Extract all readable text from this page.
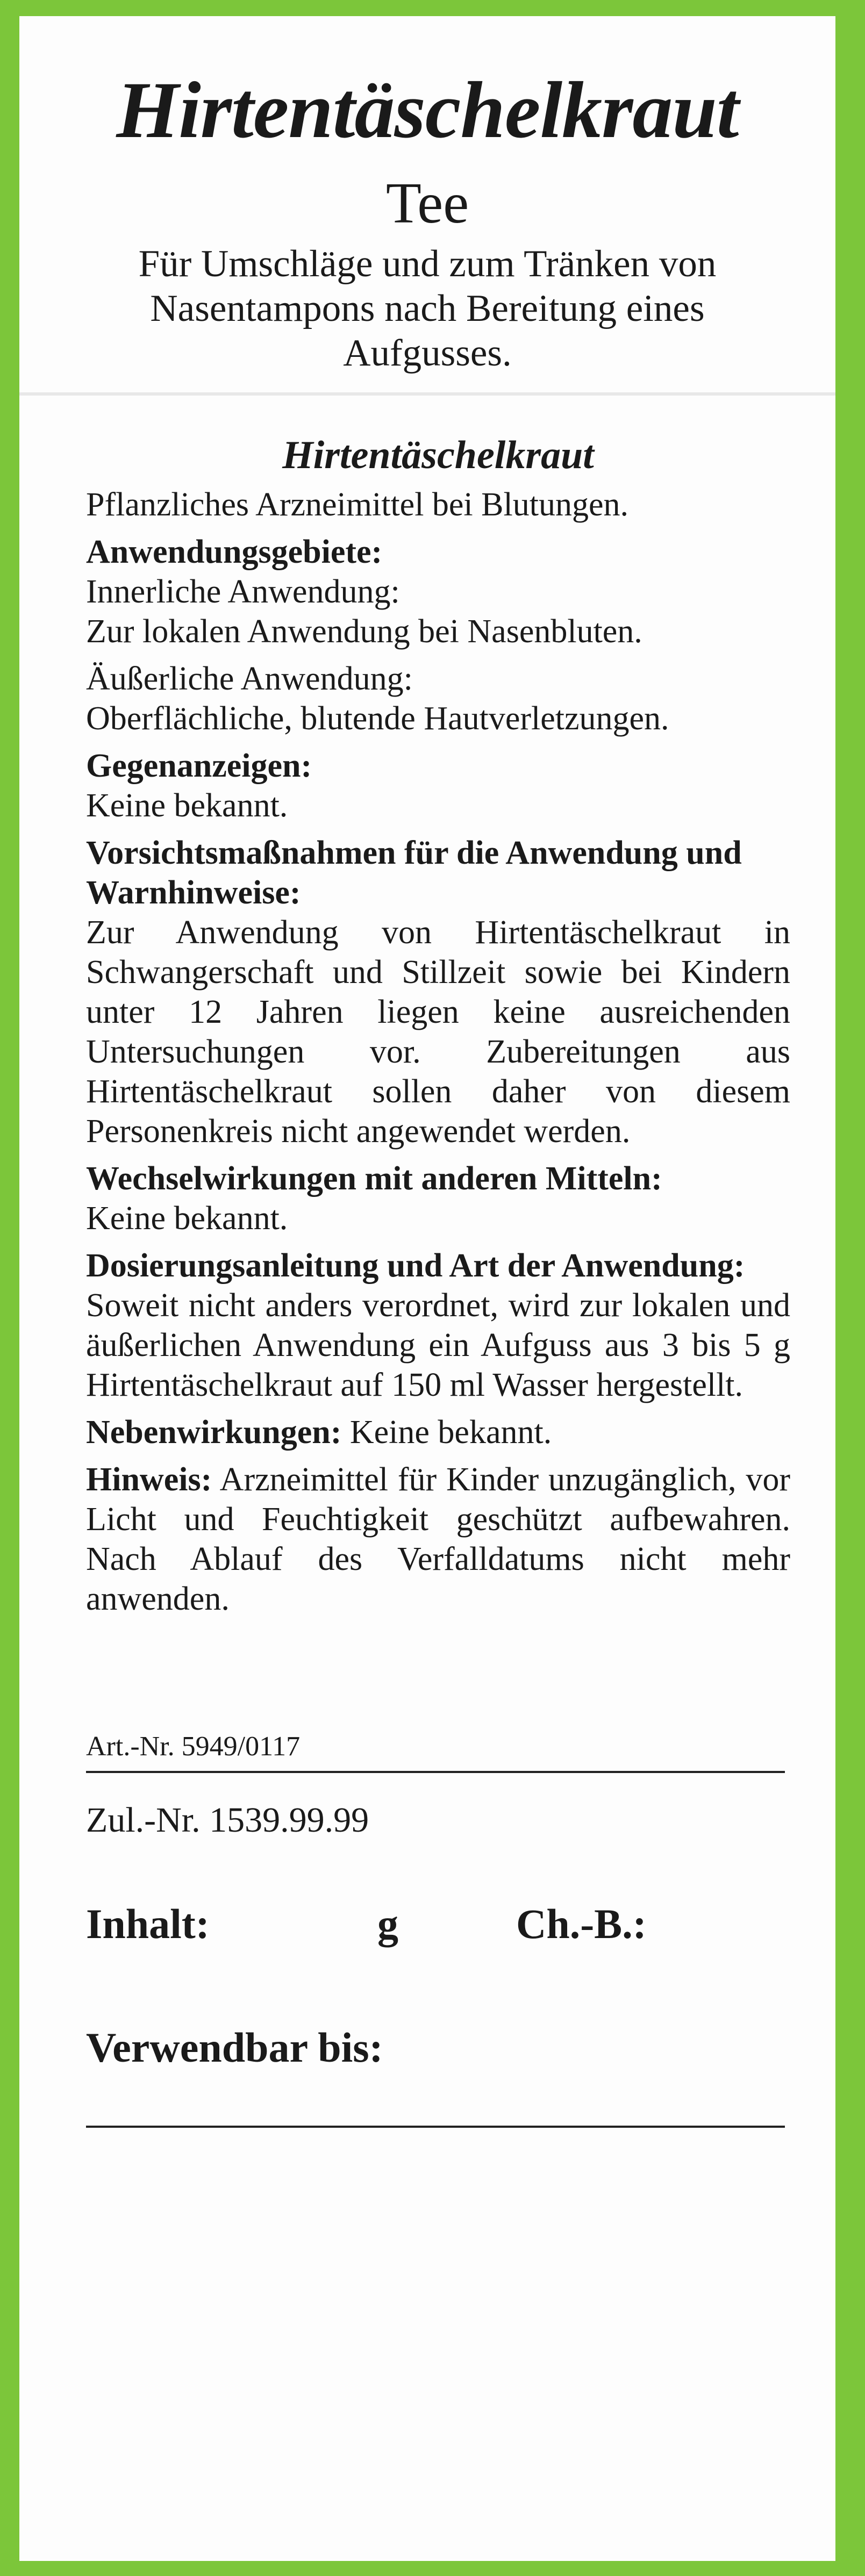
Hirtentäschelkraut
Tee
Für Umschläge und zum Tränken von Nasentampons nach Bereitung eines Aufgusses.
Hirtentäschelkraut

Pflanzliches Arzneimittel bei Blutungen.

Anwendungsgebiete:
Innerliche Anwendung:
Zur lokalen Anwendung bei Nasenbluten.
Äußerliche Anwendung:
Oberflächliche, blutende Hautverletzungen.
Gegenanzeigen:
Keine bekannt.
Vorsichtsmaßnahmen für die Anwendung und Warnhinweise:
Zur Anwendung von Hirtentäschelkraut in Schwangerschaft und Stillzeit sowie bei Kindern unter 12 Jahren liegen keine ausreichenden Untersuchungen vor. Zubereitungen aus Hirtentäschelkraut sollen daher von diesem Personenkreis nicht angewendet werden.
Wechselwirkungen mit anderen Mitteln:
Keine bekannt.
Dosierungsanleitung und Art der Anwendung:
Soweit nicht anders verordnet, wird zur lokalen und äußerlichen Anwendung ein Aufguss aus 3 bis 5 g Hirtentäschelkraut auf 150 ml Wasser hergestellt.
Nebenwirkungen: Keine bekannt.
Hinweis: Arzneimittel für Kinder unzugänglich, vor Licht und Feuchtigkeit geschützt aufbewahren. Nach Ablauf des Verfalldatums nicht mehr anwenden.
Art.-Nr. 5949/0117
Zul.-Nr. 1539.99.99
Inhalt:	g	Ch.-B.:
Verwendbar bis:
